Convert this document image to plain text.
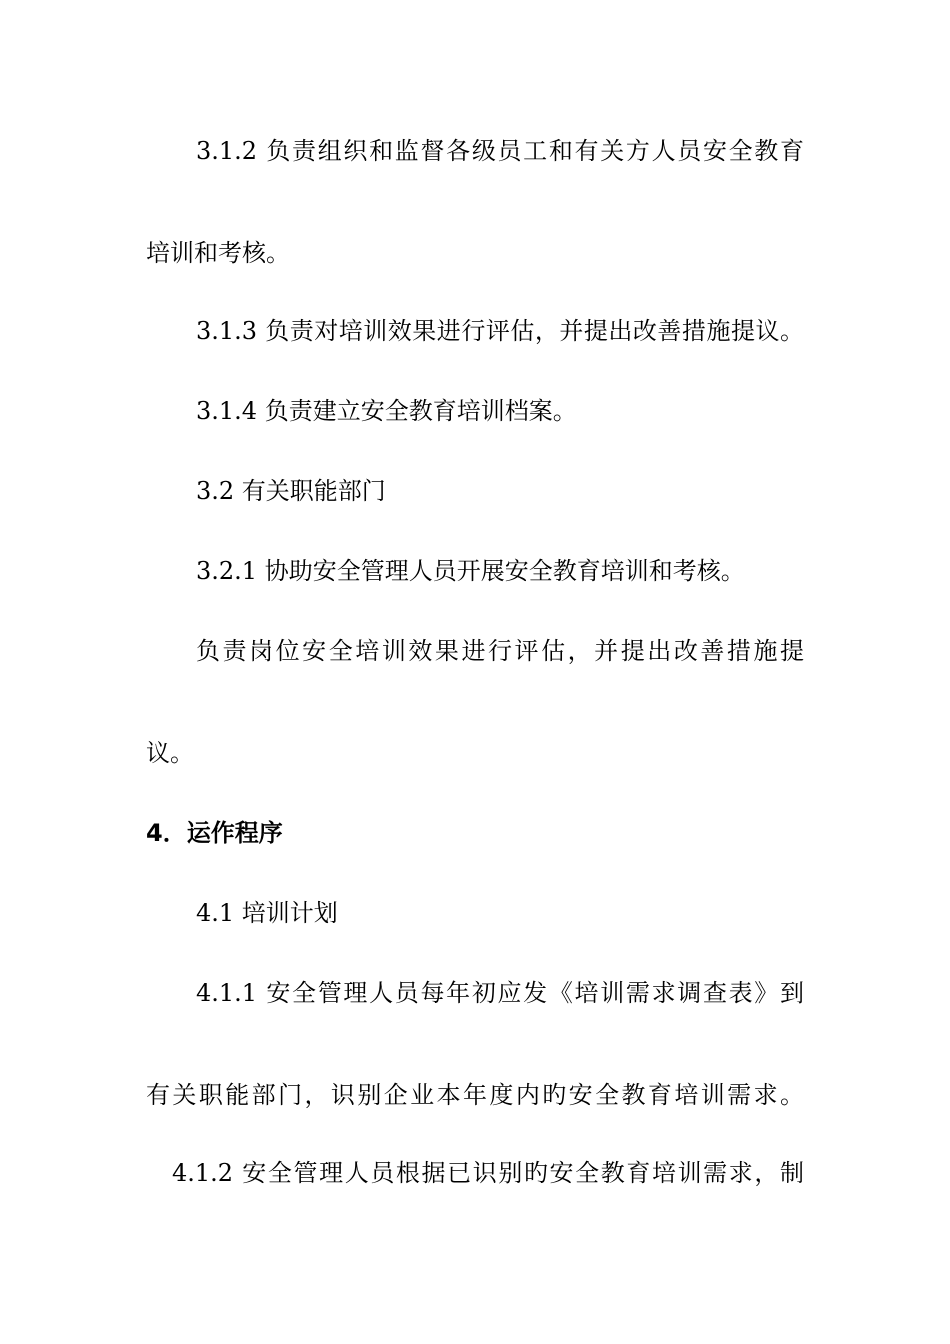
3.1.2 负责组织和监督各级员工和有关方人员安全教育
培训和考核。
3.1.3 负责对培训效果进行评估，并提出改善措施提议。
3.1.4 负责建立安全教育培训档案。
3.2 有关职能部门
3.2.1 协助安全管理人员开展安全教育培训和考核。
负责岗位安全培训效果进行评估，并提出改善措施提
议。
4．运作程序
4.1 培训计划
4.1.1 安全管理人员每年初应发《培训需求调查表》到
有关职能部门，识别企业本年度内旳安全教育培训需求。
4.1.2 安全管理人员根据已识别旳安全教育培训需求，制
